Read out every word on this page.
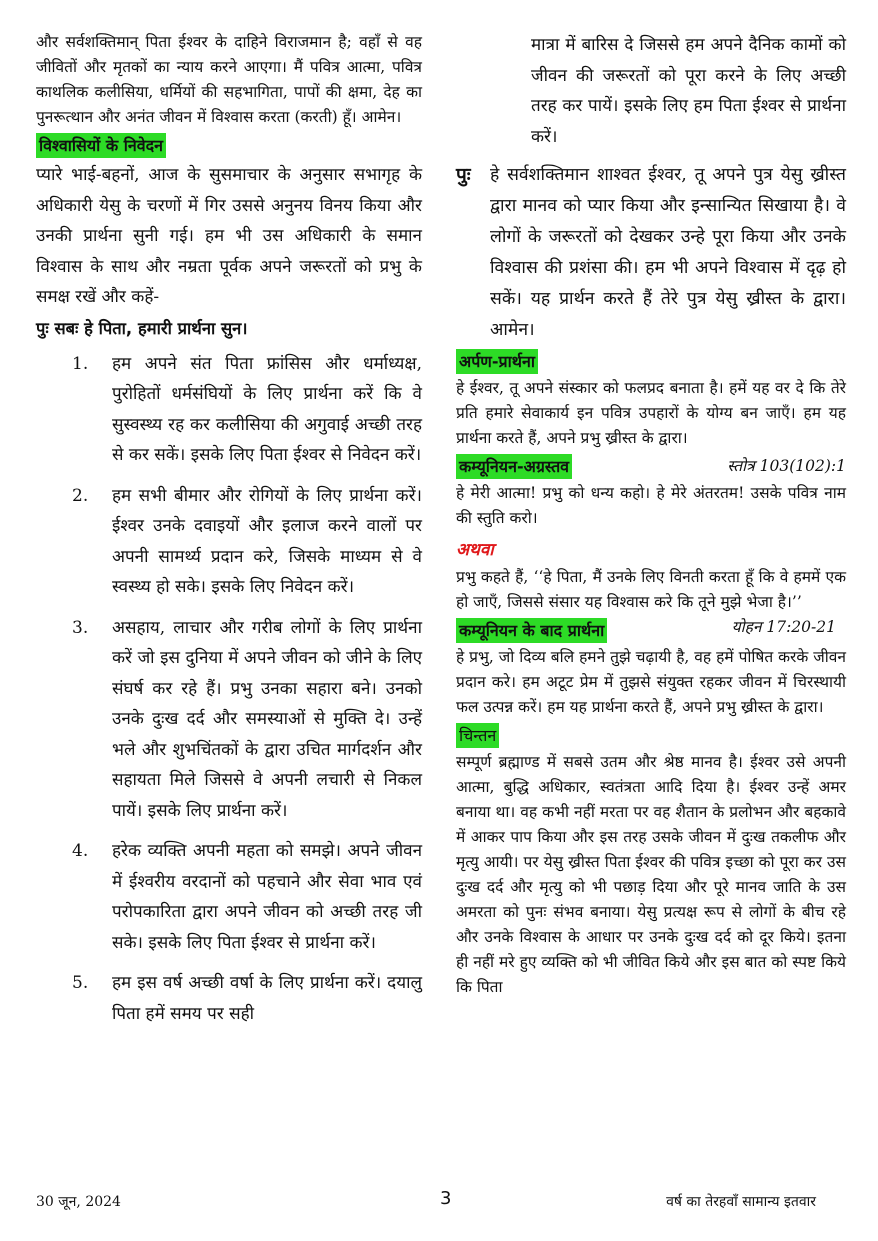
और सर्वशक्तिमान् पिता ईश्वर के दाहिने विराजमान है; वहाँ से वह जीवितों और मृतकों का न्याय करने आएगा। मैं पवित्र आत्मा, पवित्र काथलिक कलीसिया, धर्मियों की सहभागिता, पापों की क्षमा, देह का पुनरूत्थान और अनंत जीवन में विश्वास करता (करती) हूँ। आमेन।

विश्वासियों के निवेदन

प्यारे भाई-बहनों, आज के सुसमाचार के अनुसार सभागृह के अधिकारी येसु के चरणों में गिर उससे अनुनय विनय किया और उनकी प्रार्थना सुनी गई। हम भी उस अधिकारी के समान विश्वास के साथ और नम्रता पूर्वक अपने जरूरतों को प्रभु के समक्ष रखें और कहें-

पुः सबः हे पिता, हमारी प्रार्थना सुन।
1. हम अपने संत पिता फ्रांसिस और धर्माध्यक्ष, पुरोहितों धर्मसंघियों के लिए प्रार्थना करें कि वे सुस्वस्थ्य रह कर कलीसिया की अगुवाई अच्छी तरह से कर सकें। इसके लिए पिता ईश्वर से निवेदन करें।

2. हम सभी बीमार और रोगियों के लिए प्रार्थना करें। ईश्वर उनके दवाइयों और इलाज करने वालों पर अपनी सामर्थ्य प्रदान करे, जिसके माध्यम से वे स्वस्थ्य हो सके। इसके लिए निवेदन करें।

3. असहाय, लाचार और गरीब लोगों के लिए प्रार्थना करें जो इस दुनिया में अपने जीवन को जीने के लिए संघर्ष कर रहे हैं। प्रभु उनका सहारा बने। उनको उनके दुःख दर्द और समस्याओं से मुक्ति दे। उन्हें भले और शुभचिंतकों के द्वारा उचित मार्गदर्शन और सहायता मिले जिससे वे अपनी लचारी से निकल पायें। इसके लिए प्रार्थना करें।

4. हरेक व्यक्ति अपनी महता को समझे। अपने जीवन में ईश्वरीय वरदानों को पहचाने और सेवा भाव एवं परोपकारिता द्वारा अपने जीवन को अच्छी तरह जी सके। इसके लिए पिता ईश्वर से प्रार्थना करें।

5. हम इस वर्ष अच्छी वर्षा के लिए प्रार्थना करें। दयालु पिता हमें समय पर सही

मात्रा में बारिस दे जिससे हम अपने दैनिक कामों को जीवन की जरूरतों को पूरा करने के लिए अच्छी तरह कर पायें। इसके लिए हम पिता ईश्वर से प्रार्थना करें।

पुः हे सर्वशक्तिमान शाश्वत ईश्वर, तू अपने पुत्र येसु ख्रीस्त द्वारा मानव को प्यार किया और इन्सान्यित सिखाया है। वे लोगों के जरूरतों को देखकर उन्हे पूरा किया और उनके विश्वास की प्रशंसा की। हम भी अपने विश्वास में दृढ़ हो सकें। यह प्रार्थन करते हैं तेरे पुत्र येसु ख्रीस्त के द्वारा। आमेन।

अर्पण-प्रार्थना

हे ईश्वर, तू अपने संस्कार को फलप्रद बनाता है। हमें यह वर दे कि तेरे प्रति हमारे सेवाकार्य इन पवित्र उपहारों के योग्य बन जाएँ। हम यह प्रार्थना करते हैं, अपने प्रभु ख्रीस्त के द्वारा।

कम्यूनियन-अग्रस्तव	स्तोत्र 103(102):1

हे मेरी आत्मा! प्रभु को धन्य कहो। हे मेरे अंतरतम! उसके पवित्र नाम की स्तुति करो।

अथवा

प्रभु कहते हैं, ‘‘हे पिता, मैं उनके लिए विनती करता हूँ कि वे हममें एक हो जाएँ, जिससे संसार यह विश्वास करे कि तूने मुझे भेजा है।’’
योहन 17:20-21

कम्यूनियन के बाद प्रार्थना

हे प्रभु, जो दिव्य बलि हमने तुझे चढ़ायी है, वह हमें पोषित करके जीवन प्रदान करे। हम अटूट प्रेम में तुझसे संयुक्त रहकर जीवन में चिरस्थायी फल उत्पन्न करें। हम यह प्रार्थना करते हैं, अपने प्रभु ख्रीस्त के द्वारा।

चिन्तन

सम्पूर्ण ब्रह्माण्ड में सबसे उतम और श्रेष्ठ मानव है। ईश्वर उसे अपनी आत्मा, बुद्धि अधिकार, स्वतंत्रता आदि दिया है। ईश्वर उन्हें अमर बनाया था। वह कभी नहीं मरता पर वह शैतान के प्रलोभन और बहकावे में आकर पाप किया और इस तरह उसके जीवन में दुःख तकलीफ और मृत्यु आयी। पर येसु ख्रीस्त पिता ईश्वर की पवित्र इच्छा को पूरा कर उस दुःख दर्द और मृत्यु को भी पछाड़ दिया और पूरे मानव जाति के उस अमरता को पुनः संभव बनाया। येसु प्रत्यक्ष रूप से लोगों के बीच रहे और उनके विश्वास के आधार पर उनके दुःख दर्द को दूर किये। इतना ही नहीं मरे हुए व्यक्ति को भी जीवित किये और इस बात को स्पष्ट किये कि पिता

30 जून, 2024	3	वर्ष का तेरहवाँ सामान्य इतवार
